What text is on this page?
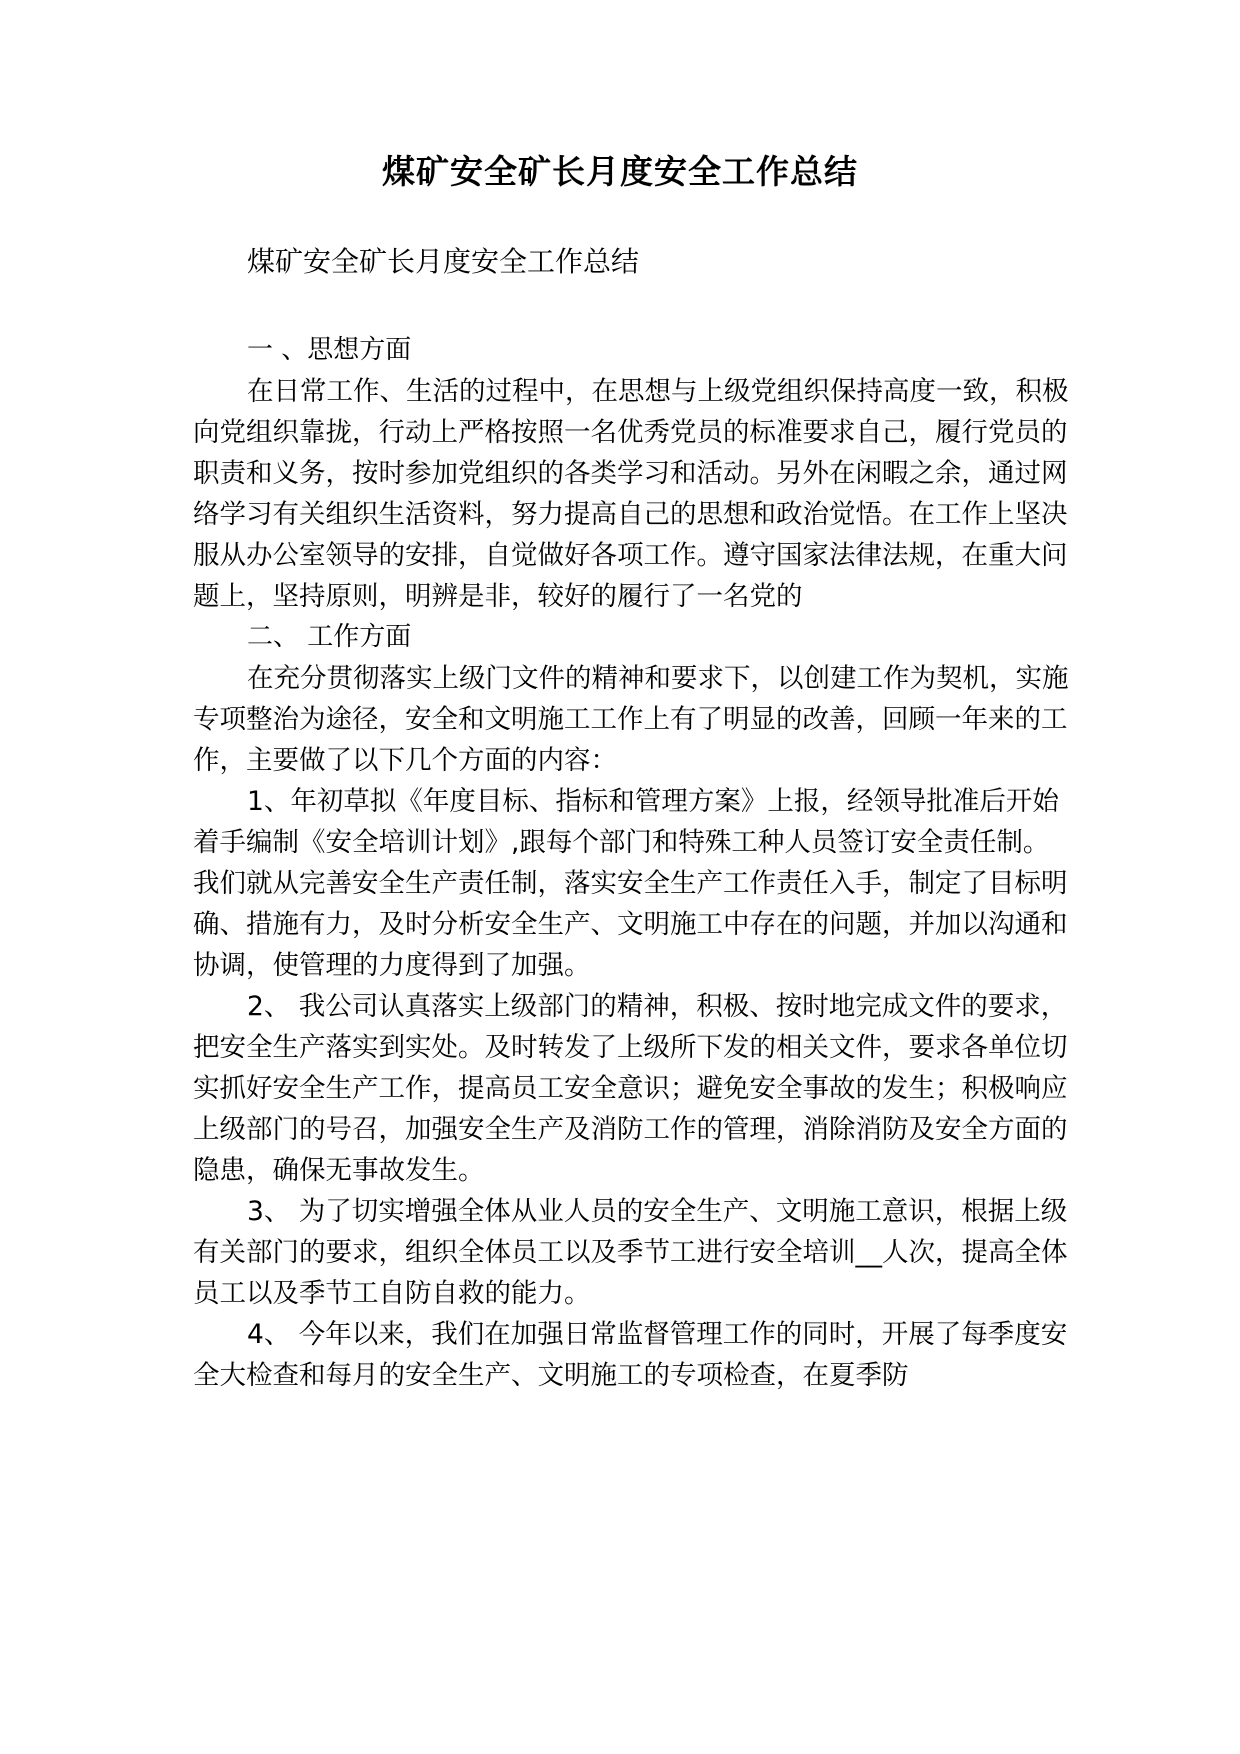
煤矿安全矿长月度安全工作总结
煤矿安全矿长月度安全工作总结

一 、思想方面

在日常工作、生活的过程中，在思想与上级党组织保持高度一致，积极向党组织靠拢，行动上严格按照一名优秀党员的标准要求自己，履行党员的职责和义务，按时参加党组织的各类学习和活动。另外在闲暇之余，通过网络学习有关组织生活资料，努力提高自己的思想和政治觉悟。在工作上坚决服从办公室领导的安排，自觉做好各项工作。遵守国家法律法规，在重大问题上，坚持原则，明辨是非，较好的履行了一名党的

二、 工作方面

在充分贯彻落实上级门文件的精神和要求下，以创建工作为契机，实施专项整治为途径，安全和文明施工工作上有了明显的改善，回顾一年来的工作，主要做了以下几个方面的内容：

1、年初草拟《年度目标、指标和管理方案》上报，经领导批准后开始着手编制《安全培训计划》,跟每个部门和特殊工种人员签订安全责任制。我们就从完善安全生产责任制，落实安全生产工作责任入手，制定了目标明确、措施有力，及时分析安全生产、文明施工中存在的问题，并加以沟通和协调，使管理的力度得到了加强。

2、 我公司认真落实上级部门的精神，积极、按时地完成文件的要求，把安全生产落实到实处。及时转发了上级所下发的相关文件，要求各单位切实抓好安全生产工作，提高员工安全意识；避免安全事故的发生；积极响应上级部门的号召，加强安全生产及消防工作的管理，消除消防及安全方面的隐患，确保无事故发生。

3、 为了切实增强全体从业人员的安全生产、文明施工意识，根据上级有关部门的要求，组织全体员工以及季节工进行安全培训__人次，提高全体员工以及季节工自防自救的能力。

4、 今年以来，我们在加强日常监督管理工作的同时，开展了每季度安全大检查和每月的安全生产、文明施工的专项检查，在夏季防
